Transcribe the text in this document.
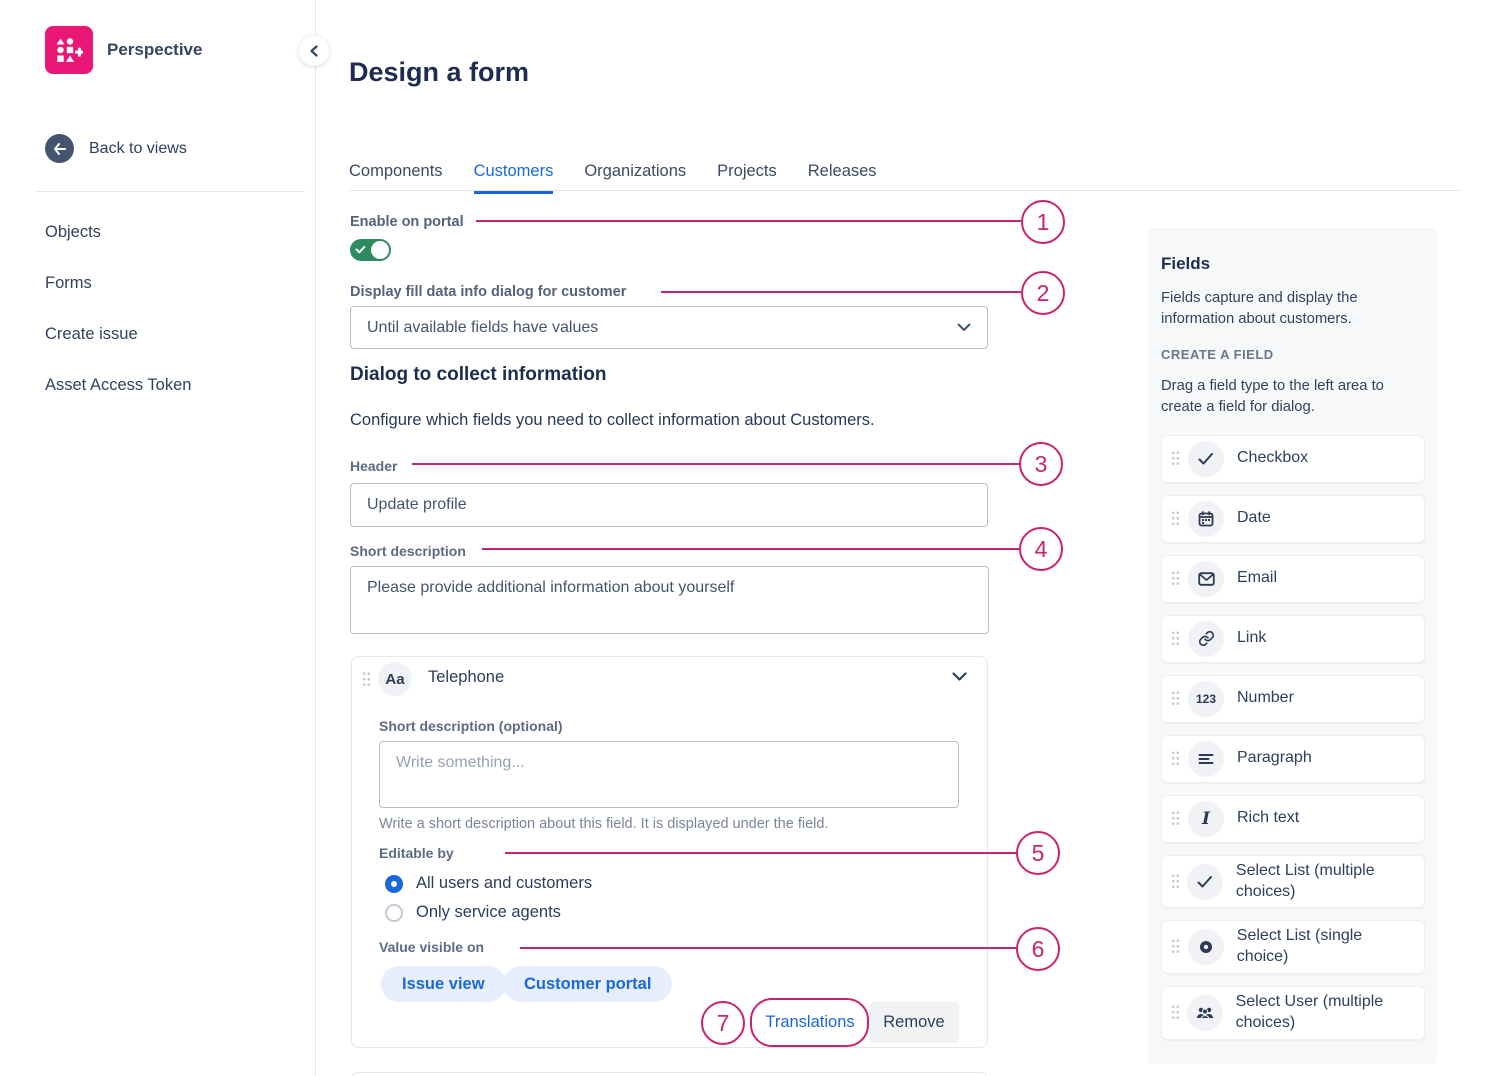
Perspective
Back to views
Objects
Forms
Create issue
Asset Access Token
Design a form
Components Customers Organizations Projects Releases
Enable on portal
Display fill data info dialog for customer
Until available fields have values
Dialog to collect information
Configure which fields you need to collect information about Customers.
Header
Update profile
Short description
Please provide additional information about yourself
Aa	Telephone
Short description (optional)
Write something...
Write a short description about this field. It is displayed under the field.
Editable by
All users and customers
Only service agents
Value visible on
Issue view	Customer portal
Translations	Remove
Fields
Fields capture and display the information about customers.
CREATE A FIELD
Drag a field type to the left area to create a field for dialog.
Checkbox
Date
Email
Link
123 Number
Paragraph
I Rich text
Select List (multiple choices)
Select List (single choice)
Select User (multiple choices)
1
2
3
4
5
6
7
